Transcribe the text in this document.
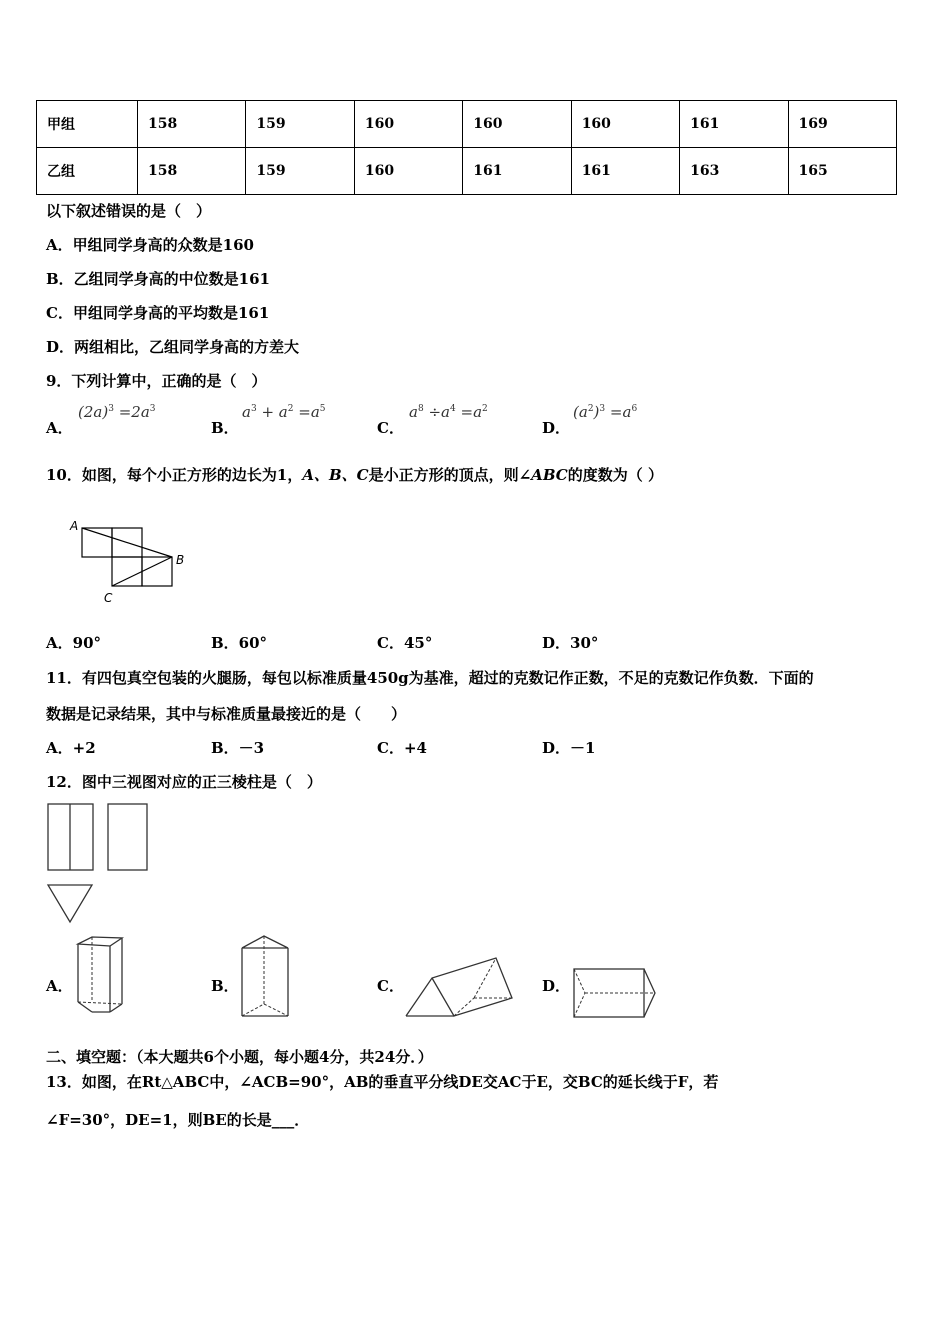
甲组	158	159	160	160	160	161	169
乙组	158	159	160	161	161	163	165
以下叙述错误的是（　）
A．甲组同学身高的众数是160
B．乙组同学身高的中位数是161
C．甲组同学身高的平均数是161
D．两组相比，乙组同学身高的方差大
9．下列计算中，正确的是（　）
A．
$(2a)^3 =2a^3$
B．
$a^3 + a^2 =a^5$
C．
$a^8 \div a^4 =a^2$
D．
$(a^2)^3 =a^6$
10．如图，每个小正方形的边长为1，A、B、C是小正方形的顶点，则∠ABC的度数为（ ）
A
B
C
A．90°	B．60°	C．45°	D．30°
11．有四包真空包装的火腿肠，每包以标准质量450g为基准，超过的克数记作正数，不足的克数记作负数．下面的
数据是记录结果，其中与标准质量最接近的是（　　）
A．+2	B．－3	C．+4	D．－1
12．图中三视图对应的正三棱柱是（　）
A．	B．	C．	D．
二、填空题：（本大题共6个小题，每小题4分，共24分．）
13．如图，在Rt△ABC中，∠ACB=90°，AB的垂直平分线DE交AC于E，交BC的延长线于F，若
∠F=30°，DE=1，则BE的长是___．
